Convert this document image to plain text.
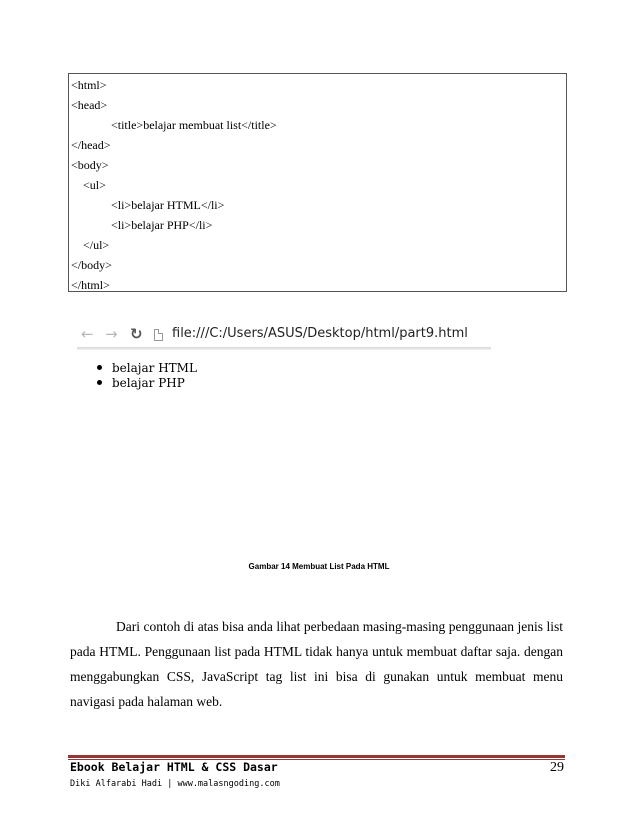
<html>
<head>
<title>belajar membuat list</title>
</head>
<body>
<ul>
<li>belajar HTML</li>
<li>belajar PHP</li>
</ul>
</body>
</html>
← → ↻ file:///C:/Users/ASUS/Desktop/html/part9.html
belajar HTML
belajar PHP
Gambar 14 Membuat List Pada HTML

Dari contoh di atas bisa anda lihat perbedaan masing-masing penggunaan jenis list pada HTML. Penggunaan list pada HTML tidak hanya untuk membuat daftar saja. dengan menggabungkan CSS, JavaScript tag list ini bisa di gunakan untuk membuat menu navigasi pada halaman web.

Ebook Belajar HTML & CSS Dasar
Diki Alfarabi Hadi | www.malasngoding.com
29
